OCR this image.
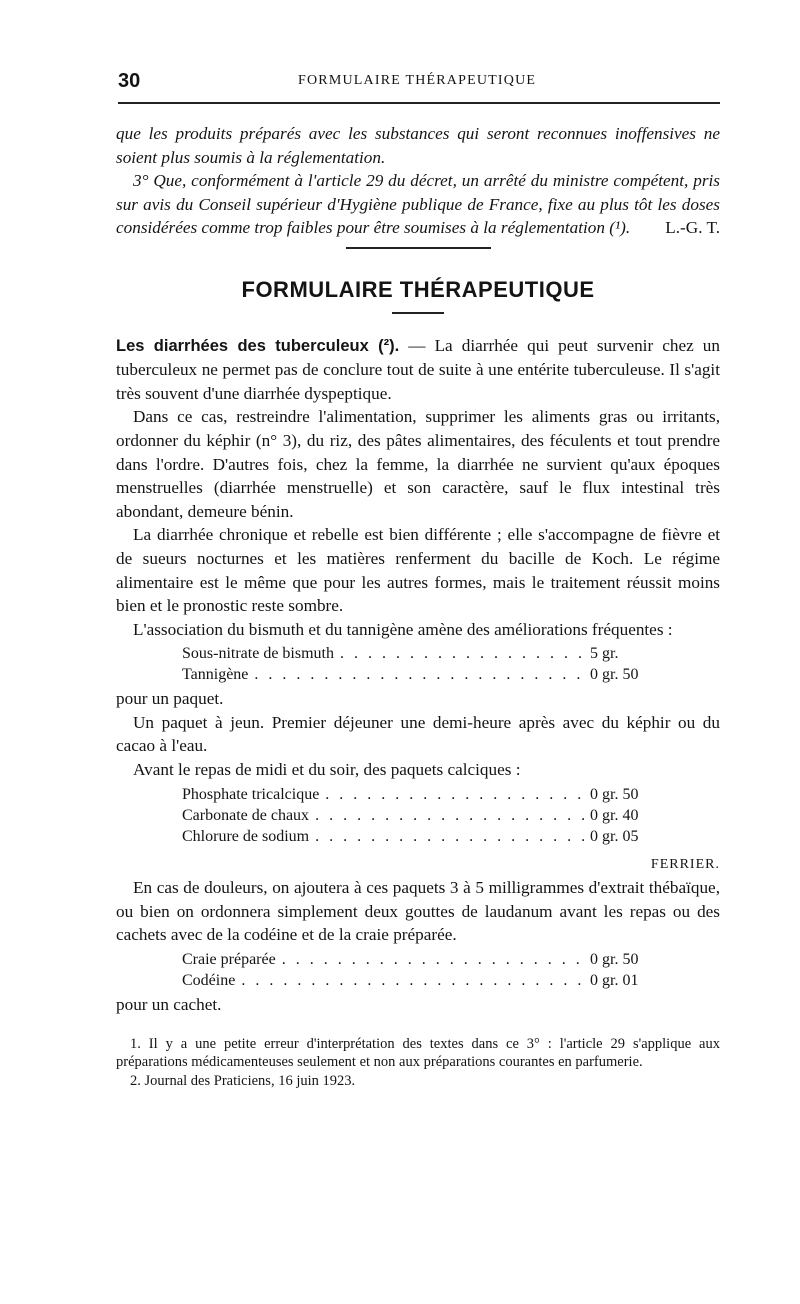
30	FORMULAIRE THÉRAPEUTIQUE

que les produits préparés avec les substances qui seront reconnues inoffensives ne soient plus soumis à la réglementation.

3° Que, conformément à l'article 29 du décret, un arrêté du ministre compétent, pris sur avis du Conseil supérieur d'Hygiène publique de France, fixe au plus tôt les doses considérées comme trop faibles pour être soumises à la réglementation (¹).	L.-G. T.

FORMULAIRE THÉRAPEUTIQUE

Les diarrhées des tuberculeux (²). — La diarrhée qui peut survenir chez un tuberculeux ne permet pas de conclure tout de suite à une entérite tuberculeuse. Il s'agit très souvent d'une diarrhée dyspeptique.

Dans ce cas, restreindre l'alimentation, supprimer les aliments gras ou irritants, ordonner du képhir (n° 3), du riz, des pâtes alimentaires, des féculents et tout prendre dans l'ordre. D'autres fois, chez la femme, la diarrhée ne survient qu'aux époques menstruelles (diarrhée menstruelle) et son caractère, sauf le flux intestinal très abondant, demeure bénin.

La diarrhée chronique et rebelle est bien différente ; elle s'accompagne de fièvre et de sueurs nocturnes et les matières renferment du bacille de Koch. Le régime alimentaire est le même que pour les autres formes, mais le traitement réussit moins bien et le pronostic reste sombre.

L'association du bismuth et du tannigène amène des améliorations fréquentes :

Sous-nitrate de bismuth . . .	5 gr.
Tannigène . . .	0 gr. 50

pour un paquet.

Un paquet à jeun. Premier déjeuner une demi-heure après avec du képhir ou du cacao à l'eau.

Avant le repas de midi et du soir, des paquets calciques :

Phosphate tricalcique . . .	0 gr. 50
Carbonate de chaux . . .	0 gr. 40
Chlorure de sodium . . .	0 gr. 05
FERRIER.

En cas de douleurs, on ajoutera à ces paquets 3 à 5 milligrammes d'extrait thébaïque, ou bien on ordonnera simplement deux gouttes de laudanum avant les repas ou des cachets avec de la codéine et de la craie préparée.

Craie préparée . . .	0 gr. 50
Codéine . . .	0 gr. 01

pour un cachet.

1. Il y a une petite erreur d'interprétation des textes dans ce 3° : l'article 29 s'applique aux préparations médicamenteuses seulement et non aux préparations courantes en parfumerie.

2. Journal des Praticiens, 16 juin 1923.
